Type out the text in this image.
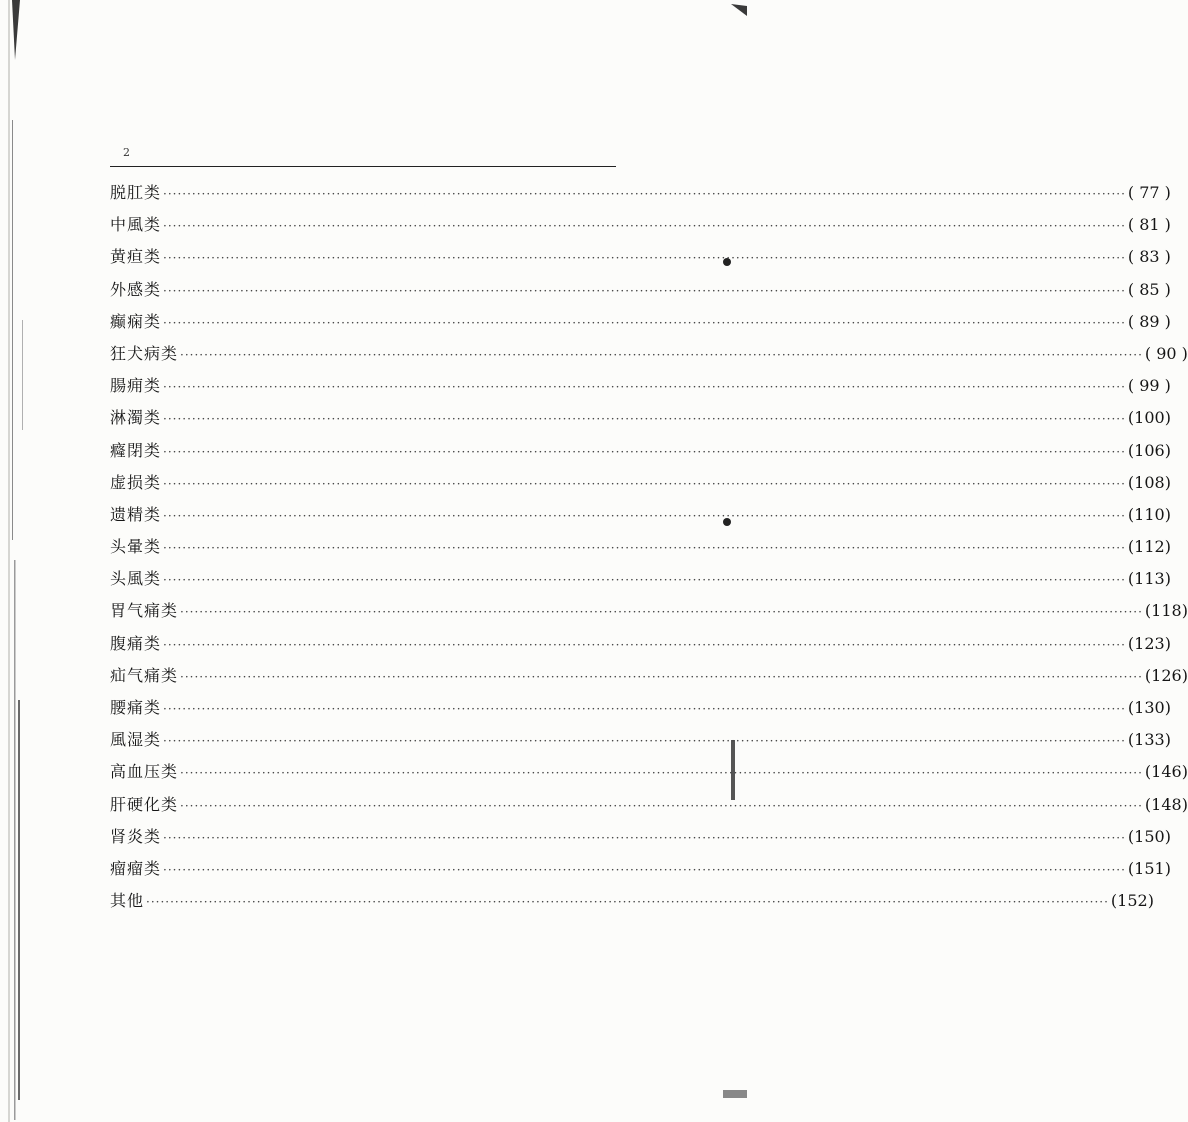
2
脱肛类 ········································································································································································································ ( 77 )
中風类 ········································································································································································································ ( 81 )
黄疸类 ········································································································································································································ ( 83 )
外感类 ········································································································································································································ ( 85 )
癫痫类 ········································································································································································································ ( 89 )
狂犬病类 ········································································································································································································ ( 90 )
腸痈类 ········································································································································································································ ( 99 )
淋濁类 ········································································································································································································ (100)
癃閉类 ········································································································································································································ (106)
虚损类 ········································································································································································································ (108)
遗精类 ········································································································································································································ (110)
头暈类 ········································································································································································································ (112)
头風类 ········································································································································································································ (113)
胃气痛类 ········································································································································································································ (118)
腹痛类 ········································································································································································································ (123)
疝气痛类 ········································································································································································································ (126)
腰痛类 ········································································································································································································ (130)
風湿类 ········································································································································································································ (133)
高血压类 ········································································································································································································ (146)
肝硬化类 ········································································································································································································ (148)
肾炎类 ········································································································································································································ (150)
瘤瘤类 ········································································································································································································ (151)
其他 ········································································································································································································ (152)
